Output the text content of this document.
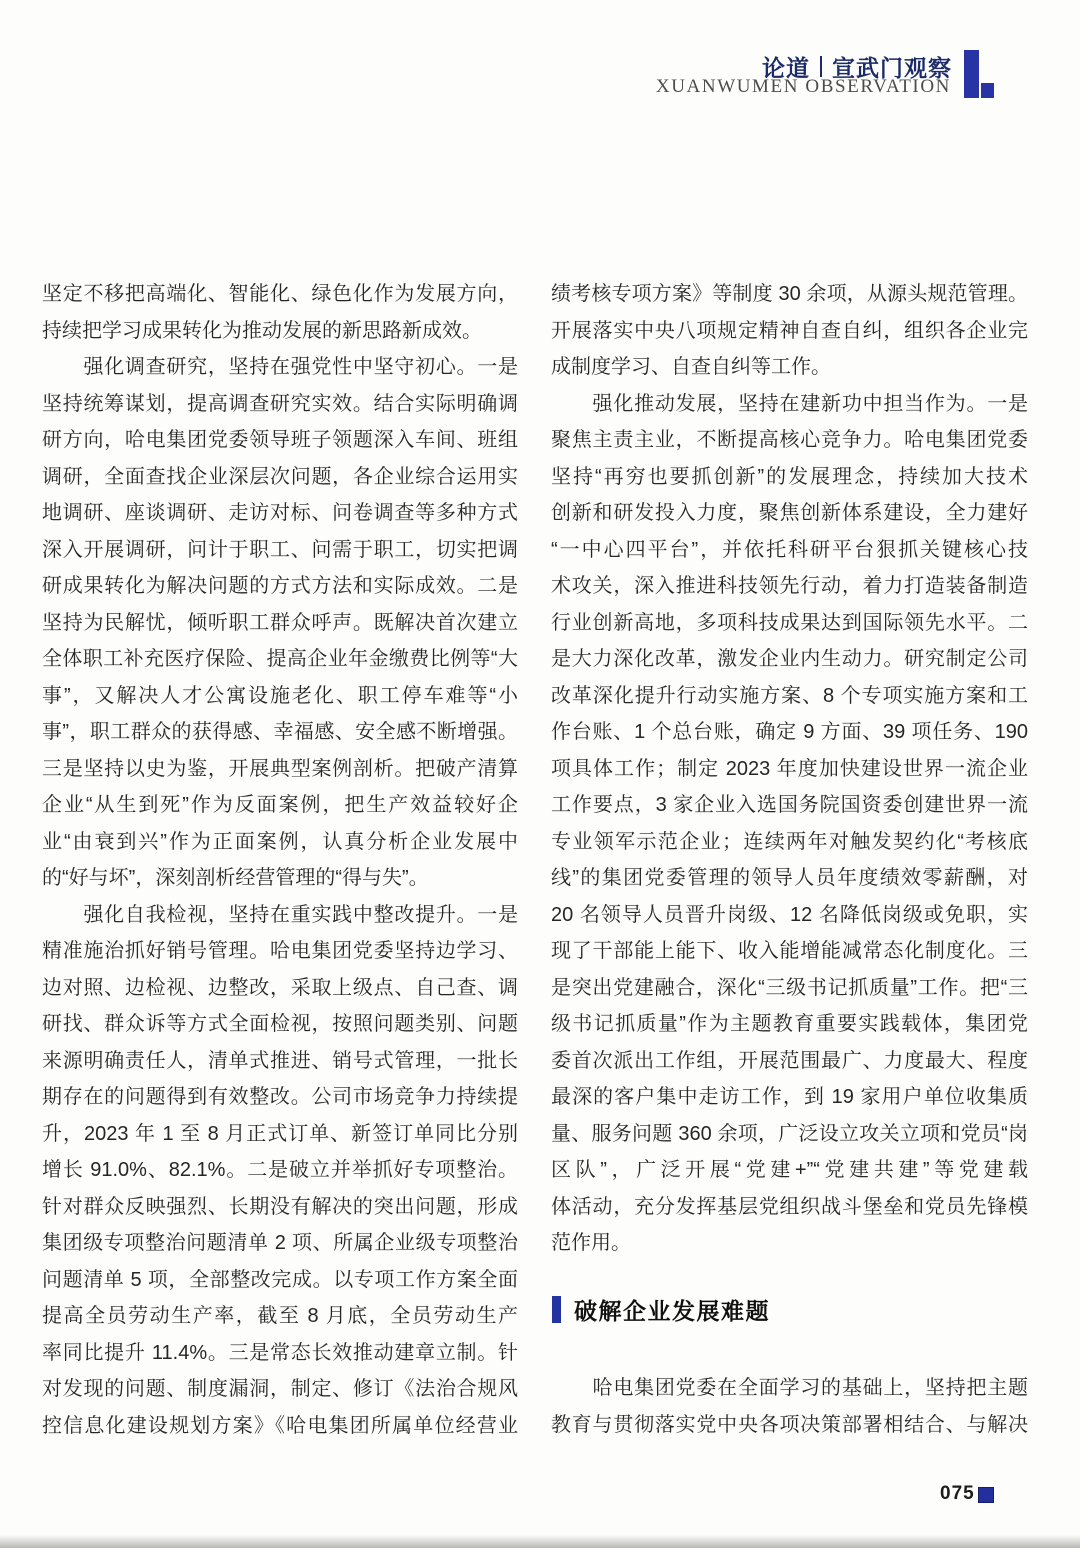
论道 宣武门观察
XUANWUMEN OBSERVATION
坚定不移把高端化、智能化、绿色化作为发展方向，
持续把学习成果转化为推动发展的新思路新成效。
　　强化调查研究，坚持在强党性中坚守初心。一是
坚持统筹谋划，提高调查研究实效。结合实际明确调
研方向，哈电集团党委领导班子领题深入车间、班组
调研，全面查找企业深层次问题，各企业综合运用实
地调研、座谈调研、走访对标、问卷调查等多种方式
深入开展调研，问计于职工、问需于职工，切实把调
研成果转化为解决问题的方式方法和实际成效。二是
坚持为民解忧，倾听职工群众呼声。既解决首次建立
全体职工补充医疗保险、提高企业年金缴费比例等“大
事”，又解决人才公寓设施老化、职工停车难等“小
事”，职工群众的获得感、幸福感、安全感不断增强。
三是坚持以史为鉴，开展典型案例剖析。把破产清算
企业“从生到死”作为反面案例，把生产效益较好企
业“由衰到兴”作为正面案例，认真分析企业发展中
的“好与坏”，深刻剖析经营管理的“得与失”。
　　强化自我检视，坚持在重实践中整改提升。一是
精准施治抓好销号管理。哈电集团党委坚持边学习、
边对照、边检视、边整改，采取上级点、自己查、调
研找、群众诉等方式全面检视，按照问题类别、问题
来源明确责任人，清单式推进、销号式管理，一批长
期存在的问题得到有效整改。公司市场竞争力持续提
升，2023 年 1 至 8 月正式订单、新签订单同比分别
增长 91.0%、82.1%。二是破立并举抓好专项整治。
针对群众反映强烈、长期没有解决的突出问题，形成
集团级专项整治问题清单 2 项、所属企业级专项整治
问题清单 5 项，全部整改完成。以专项工作方案全面
提高全员劳动生产率，截至 8 月底，全员劳动生产
率同比提升 11.4%。三是常态长效推动建章立制。针
对发现的问题、制度漏洞，制定、修订《法治合规风
控信息化建设规划方案》《哈电集团所属单位经营业
绩考核专项方案》等制度 30 余项，从源头规范管理。
开展落实中央八项规定精神自查自纠，组织各企业完
成制度学习、自查自纠等工作。
　　强化推动发展，坚持在建新功中担当作为。一是
聚焦主责主业，不断提高核心竞争力。哈电集团党委
坚持“再穷也要抓创新”的发展理念，持续加大技术
创新和研发投入力度，聚焦创新体系建设，全力建好
“一中心四平台”，并依托科研平台狠抓关键核心技
术攻关，深入推进科技领先行动，着力打造装备制造
行业创新高地，多项科技成果达到国际领先水平。二
是大力深化改革，激发企业内生动力。研究制定公司
改革深化提升行动实施方案、8 个专项实施方案和工
作台账、1 个总台账，确定 9 方面、39 项任务、190
项具体工作；制定 2023 年度加快建设世界一流企业
工作要点，3 家企业入选国务院国资委创建世界一流
专业领军示范企业；连续两年对触发契约化“考核底
线”的集团党委管理的领导人员年度绩效零薪酬，对
20 名领导人员晋升岗级、12 名降低岗级或免职，实
现了干部能上能下、收入能增能减常态化制度化。三
是突出党建融合，深化“三级书记抓质量”工作。把“三
级书记抓质量”作为主题教育重要实践载体，集团党
委首次派出工作组，开展范围最广、力度最大、程度
最深的客户集中走访工作，到 19 家用户单位收集质
量、服务问题 360 余项，广泛设立攻关立项和党员“岗
区队”，广泛开展“党建+”“党建共建”等党建载
体活动，充分发挥基层党组织战斗堡垒和党员先锋模
范作用。
破解企业发展难题
　　哈电集团党委在全面学习的基础上，坚持把主题
教育与贯彻落实党中央各项决策部署相结合、与解决
075
